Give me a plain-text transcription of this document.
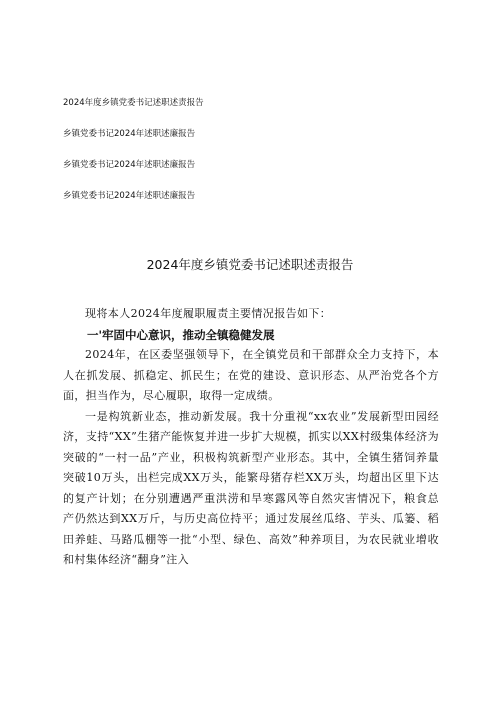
2024年度乡镇党委书记述职述责报告
乡镇党委书记2024年述职述廉报告
乡镇党委书记2024年述职述廉报告
乡镇党委书记2024年述职述廉报告
2024年度乡镇党委书记述职述责报告
现将本人2024年度履职履责主要情况报告如下：
一'牢固中心意识，推动全镇稳健发展
2024年，在区委坚强领导下，在全镇党员和干部群众全力支持下，本人在抓发展、抓稳定、抓民生；在党的建设、意识形态、从严治党各个方面，担当作为，尽心履职，取得一定成绩。
一是构筑新业态，推动新发展。我十分重视“xx农业”发展新型田园经济，支持“XX”生猪产能恢复并进一步扩大规模，抓实以XX村级集体经济为突破的“一村一品”产业，积极构筑新型产业形态。其中，全镇生猪饲养量突破10万头，出栏完成XX万头，能繁母猪存栏XX万头，均超出区里下达的复产计划；在分别遭遇严重洪涝和旱寒露风等自然灾害情况下，粮食总产仍然达到XX万斤，与历史高位持平；通过发展丝瓜络、芋头、瓜篓、稻田养蛙、马路瓜棚等一批“小型、绿色、高效”种养项目，为农民就业增收和村集体经济“翻身”注入
